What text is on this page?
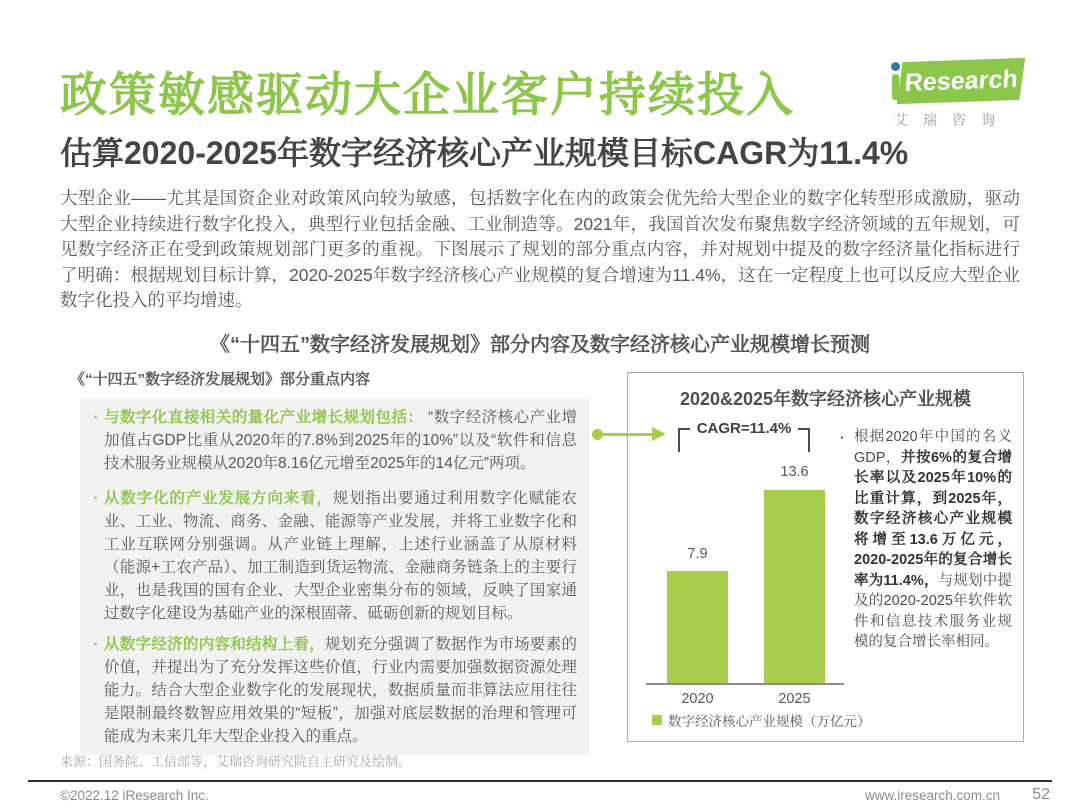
政策敏感驱动大企业客户持续投入	Research
艾瑞咨询
估算2020-2025年数字经济核心产业规模目标CAGR为11.4%

大型企业——尤其是国资企业对政策风向较为敏感，包括数字化在内的政策会优先给大型企业的数字化转型形成激励，驱动大型企业持续进行数字化投入，典型行业包括金融、工业制造等。2021年，我国首次发布聚焦数字经济领域的五年规划，可见数字经济正在受到政策规划部门更多的重视。下图展示了规划的部分重点内容，并对规划中提及的数字经济量化指标进行了明确：根据规划目标计算，2020-2025年数字经济核心产业规模的复合增速为11.4%，这在一定程度上也可以反应大型企业数字化投入的平均增速。

《“十四五”数字经济发展规划》部分内容及数字经济核心产业规模增长预测
《“十四五”数字经济发展规划》部分重点内容
· 与数字化直接相关的量化产业增长规划包括： “数字经济核心产业增加值占GDP比重从2020年的7.8%到2025年的10%”以及“软件和信息技术服务业规模从2020年8.16亿元增至2025年的14亿元”两项。

· 从数字化的产业发展方向来看，规划指出要通过利用数字化赋能农业、工业、物流、商务、金融、能源等产业发展，并将工业数字化和工业互联网分别强调。从产业链上理解，上述行业涵盖了从原材料（能源+工农产品）、加工制造到货运物流、金融商务链条上的主要行业，也是我国的国有企业、大型企业密集分布的领域，反映了国家通过数字化建设为基础产业的深根固蒂、砥砺创新的规划目标。

· 从数字经济的内容和结构上看，规划充分强调了数据作为市场要素的价值，并提出为了充分发挥这些价值，行业内需要加强数据资源处理能力。结合大型企业数字化的发展现状，数据质量而非算法应用往往是限制最终数智应用效果的“短板”，加强对底层数据的治理和管理可能成为未来几年大型企业投入的重点。

2020&2025年数字经济核心产业规模
CAGR=11.4%
7.9
13.6
2020	2025
数字经济核心产业规模（万亿元）
· 根据2020年中国的名义GDP，并按6%的复合增长率以及2025年10%的比重计算，到2025年，数字经济核心产业规模将增至13.6万亿元，2020-2025年的复合增长率为11.4%，与规划中提及的2020-2025年软件软件和信息技术服务业规模的复合增长率相同。

来源：国务院、工信部等，艾瑞咨询研究院自主研究及绘制。
©2022.12 iResearch Inc.	www.iresearch.com.cn 52
